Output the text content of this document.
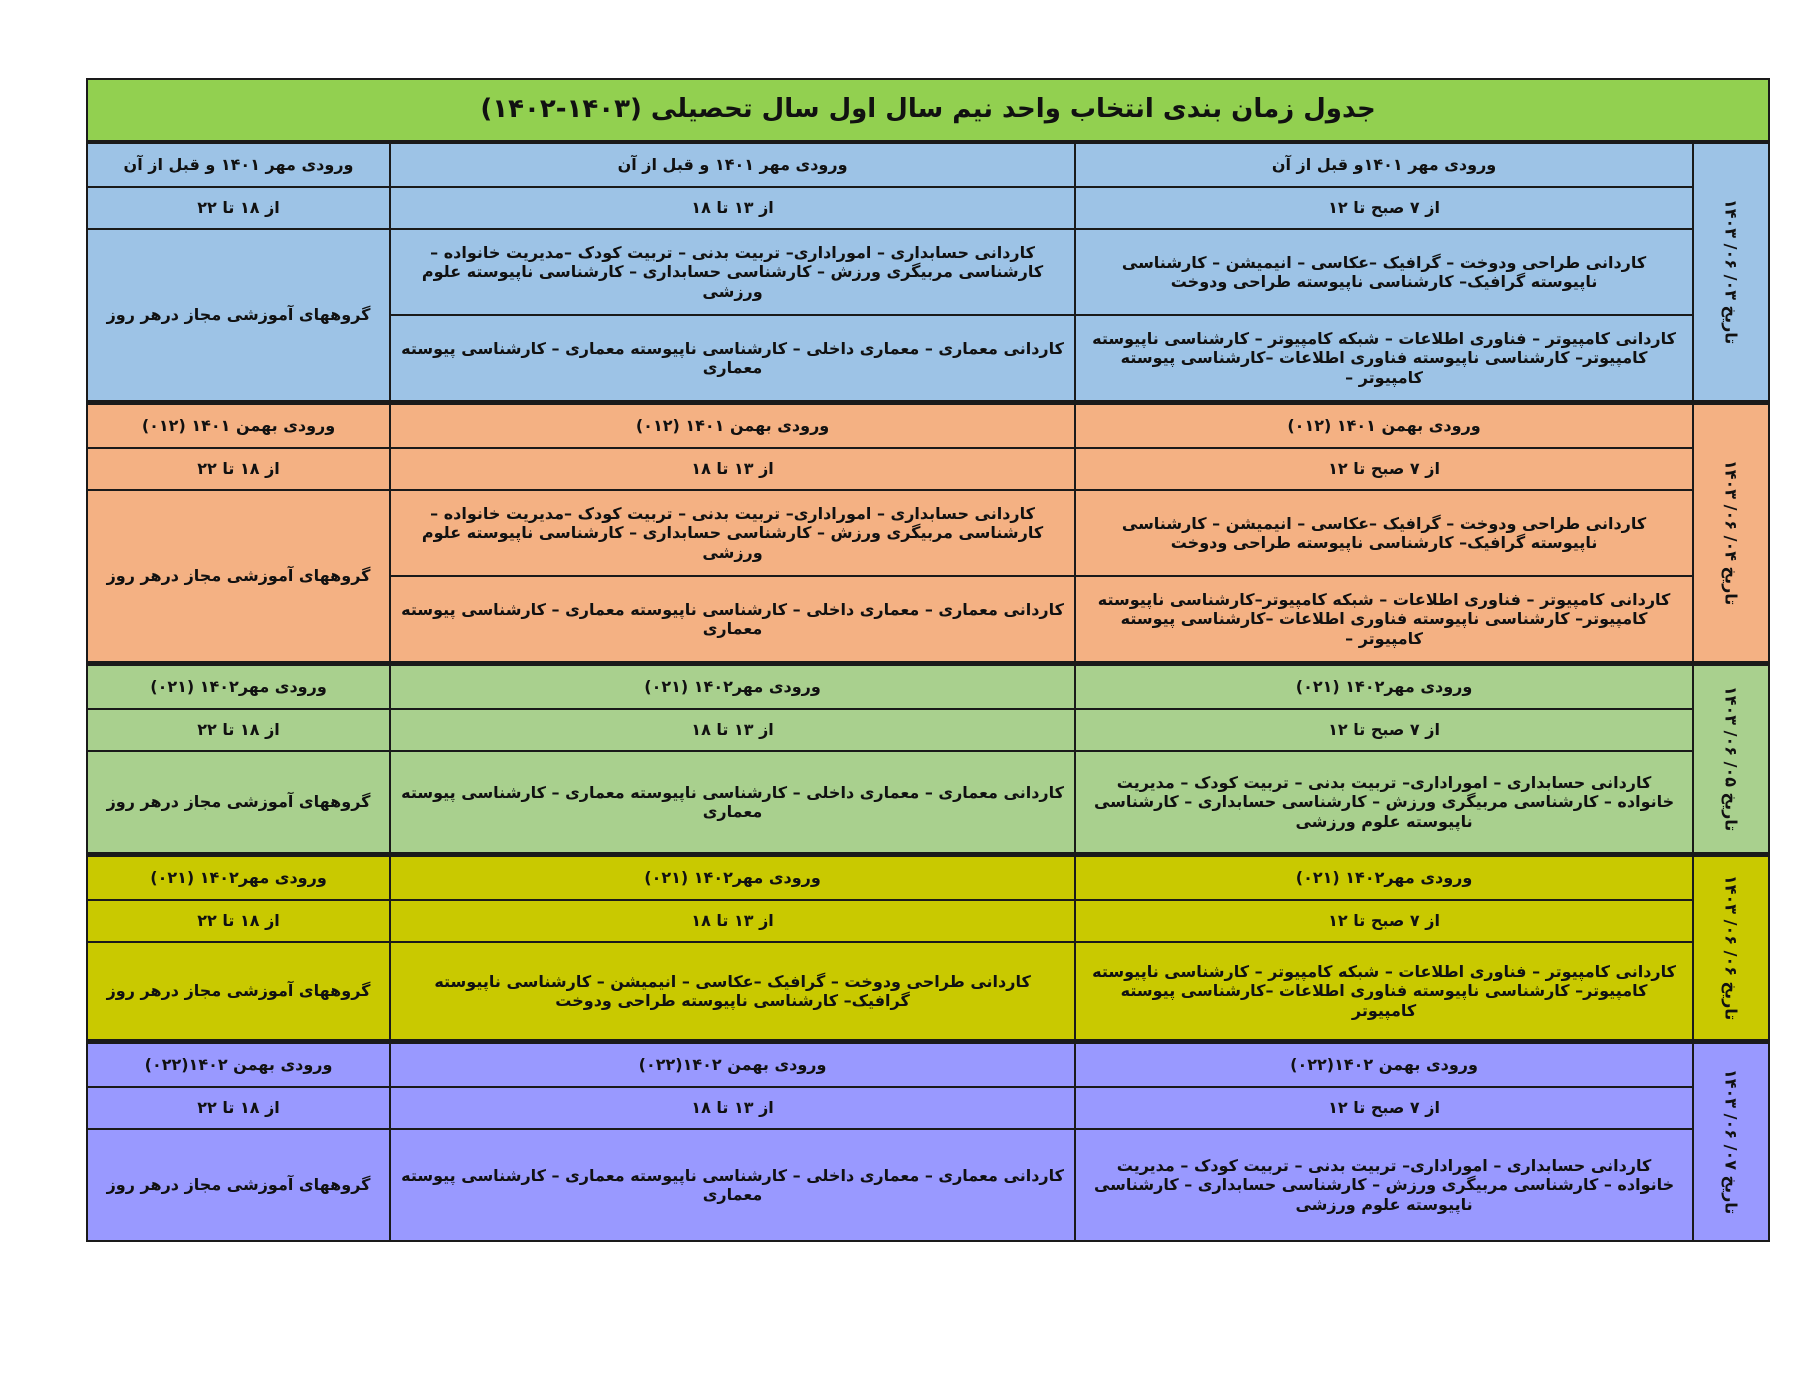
جدول زمان بندی انتخاب واحد نیم سال اول سال تحصیلی (۱۴۰۳-۱۴۰۲)			
تاریخ ۰۳/ ۰۶/ ۱۴۰۳	ورودی مهر ۱۴۰۱و قبل از آن	ورودی مهر ۱۴۰۱ و قبل از آن	ورودی مهر ۱۴۰۱ و قبل از آن
	از ۷ صبح تا ۱۲	از ۱۳ تا ۱۸	از ۱۸ تا ۲۲
	کاردانی طراحی ودوخت – گرافیک –عکاسی – انیمیشن – کارشناسی ناپیوسته گرافیک– کارشناسی ناپیوسته طراحی ودوخت	کاردانی حسابداری – اموراداری– تربیت بدنی – تربیت کودک –مدیریت خانواده – کارشناسی مربیگری ورزش – کارشناسی حسابداری – کارشناسی ناپیوسته علوم ورزشی	گروههای آموزشی مجاز درهر روز
	کاردانی کامپیوتر – فناوری اطلاعات – شبکه کامپیوتر – کارشناسی ناپیوسته کامپیوتر– کارشناسی ناپیوسته فناوری اطلاعات –کارشناسی پیوسته کامپیوتر –	کاردانی معماری – معماری داخلی – کارشناسی ناپیوسته معماری – کارشناسی پیوسته معماری	
تاریخ ۰۴/ ۰۶/ ۱۴۰۳	ورودی بهمن ۱۴۰۱ (۰۱۲)	ورودی بهمن ۱۴۰۱ (۰۱۲)	ورودی بهمن ۱۴۰۱ (۰۱۲)
	از ۷ صبح تا ۱۲	از ۱۳ تا ۱۸	از ۱۸ تا ۲۲
	کاردانی طراحی ودوخت – گرافیک –عکاسی – انیمیشن – کارشناسی ناپیوسته گرافیک– کارشناسی ناپیوسته طراحی ودوخت	کاردانی حسابداری – اموراداری– تربیت بدنی – تربیت کودک –مدیریت خانواده – کارشناسی مربیگری ورزش – کارشناسی حسابداری – کارشناسی ناپیوسته علوم ورزشی	گروههای آموزشی مجاز درهر روز
	کاردانی کامپیوتر – فناوری اطلاعات – شبکه کامپیوتر–کارشناسی ناپیوسته کامپیوتر– کارشناسی ناپیوسته فناوری اطلاعات –کارشناسی پیوسته کامپیوتر –	کاردانی معماری – معماری داخلی – کارشناسی ناپیوسته معماری – کارشناسی پیوسته معماری	
تاریخ ۰۵/ ۰۶/ ۱۴۰۳	ورودی مهر۱۴۰۲ (۰۲۱)	ورودی مهر۱۴۰۲ (۰۲۱)	ورودی مهر۱۴۰۲ (۰۲۱)
	از ۷ صبح تا ۱۲	از ۱۳ تا ۱۸	از ۱۸ تا ۲۲
	کاردانی حسابداری – اموراداری– تربیت بدنی – تربیت کودک – مدیریت خانواده – کارشناسی مربیگری ورزش – کارشناسی حسابداری – کارشناسی ناپیوسته علوم ورزشی	کاردانی معماری – معماری داخلی – کارشناسی ناپیوسته معماری – کارشناسی پیوسته معماری	گروههای آموزشی مجاز درهر روز
تاریخ ۰۶/ ۰۶/ ۱۴۰۳	ورودی مهر۱۴۰۲ (۰۲۱)	ورودی مهر۱۴۰۲ (۰۲۱)	ورودی مهر۱۴۰۲ (۰۲۱)
	از ۷ صبح تا ۱۲	از ۱۳ تا ۱۸	از ۱۸ تا ۲۲
	کاردانی کامپیوتر – فناوری اطلاعات – شبکه کامپیوتر – کارشناسی ناپیوسته کامپیوتر– کارشناسی ناپیوسته فناوری اطلاعات –کارشناسی پیوسته کامپیوتر	کاردانی طراحی ودوخت – گرافیک –عکاسی – انیمیشن – کارشناسی ناپیوسته گرافیک– کارشناسی ناپیوسته طراحی ودوخت	گروههای آموزشی مجاز درهر روز
تاریخ ۰۷/ ۰۶/ ۱۴۰۳	ورودی بهمن ۱۴۰۲(۰۲۲)	ورودی بهمن ۱۴۰۲(۰۲۲)	ورودی بهمن ۱۴۰۲(۰۲۲)
	از ۷ صبح تا ۱۲	از ۱۳ تا ۱۸	از ۱۸ تا ۲۲
	کاردانی حسابداری – اموراداری– تربیت بدنی – تربیت کودک – مدیریت خانواده – کارشناسی مربیگری ورزش – کارشناسی حسابداری – کارشناسی ناپیوسته علوم ورزشی	کاردانی معماری – معماری داخلی – کارشناسی ناپیوسته معماری – کارشناسی پیوسته معماری	گروههای آموزشی مجاز درهر روز
